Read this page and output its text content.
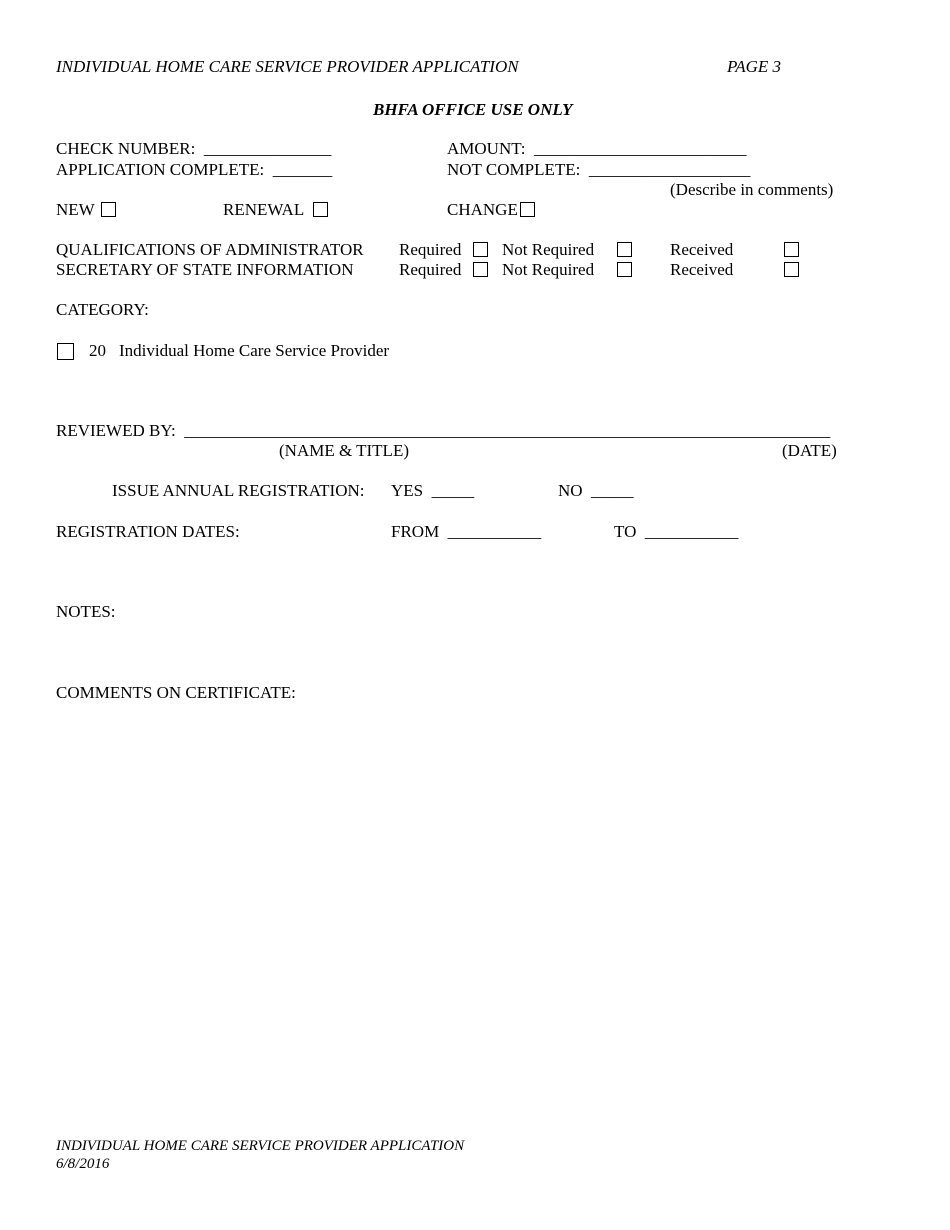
INDIVIDUAL HOME CARE SERVICE PROVIDER APPLICATION	PAGE 3
BHFA OFFICE USE ONLY
CHECK NUMBER:  _______________	AMOUNT:  _________________________
APPLICATION COMPLETE:  _______	NOT COMPLETE:  ___________________
(Describe in comments)
NEW	RENEWAL	CHANGE
QUALIFICATIONS OF ADMINISTRATOR Required Not Required	Received
SECRETARY OF STATE INFORMATION	Required Not Required	Received
CATEGORY:
20 Individual Home Care Service Provider
REVIEWED BY:  ____________________________________________________________________________
(NAME & TITLE)	(DATE)
ISSUE ANNUAL REGISTRATION: YES  _____	NO  _____
REGISTRATION DATES:	FROM  ___________	TO  ___________
NOTES:
COMMENTS ON CERTIFICATE:
INDIVIDUAL HOME CARE SERVICE PROVIDER APPLICATION
6/8/2016
